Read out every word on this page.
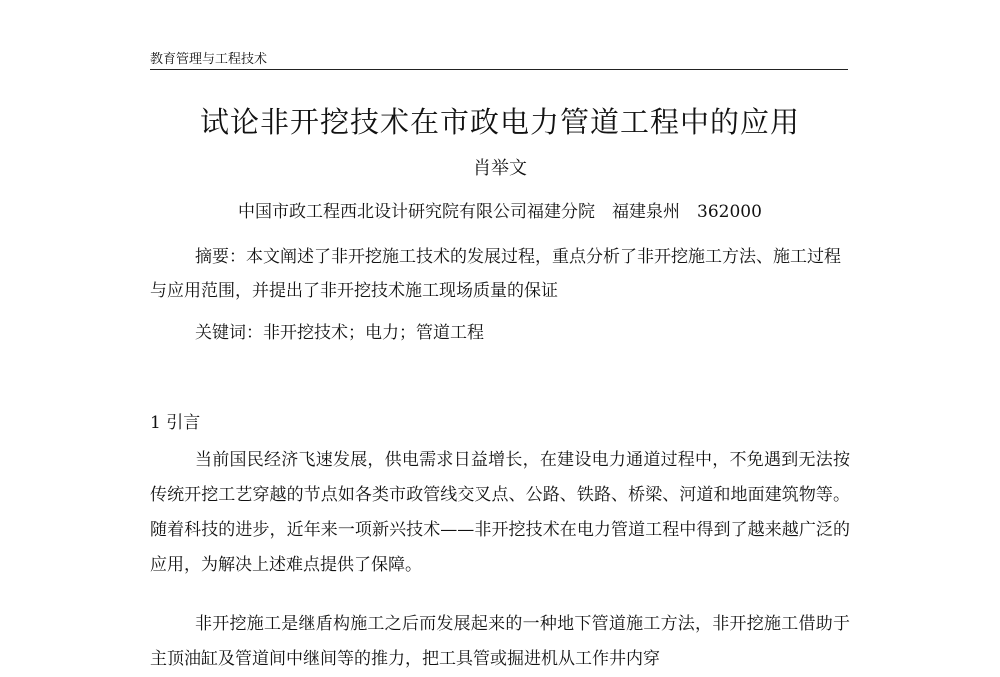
教育管理与工程技术
试论非开挖技术在市政电力管道工程中的应用
肖举文
中国市政工程西北设计研究院有限公司福建分院　福建泉州　362000
摘要：本文阐述了非开挖施工技术的发展过程，重点分析了非开挖施工方法、施工过程与应用范围，并提出了非开挖技术施工现场质量的保证
关键词：非开挖技术；电力；管道工程
1 引言

当前国民经济飞速发展，供电需求日益增长，在建设电力通道过程中，不免遇到无法按传统开挖工艺穿越的节点如各类市政管线交叉点、公路、铁路、桥梁、河道和地面建筑物等。随着科技的进步，近年来一项新兴技术——非开挖技术在电力管道工程中得到了越来越广泛的应用，为解决上述难点提供了保障。

非开挖施工是继盾构施工之后而发展起来的一种地下管道施工方法，非开挖施工借助于主顶油缸及管道间中继间等的推力，把工具管或掘进机从工作井内穿
